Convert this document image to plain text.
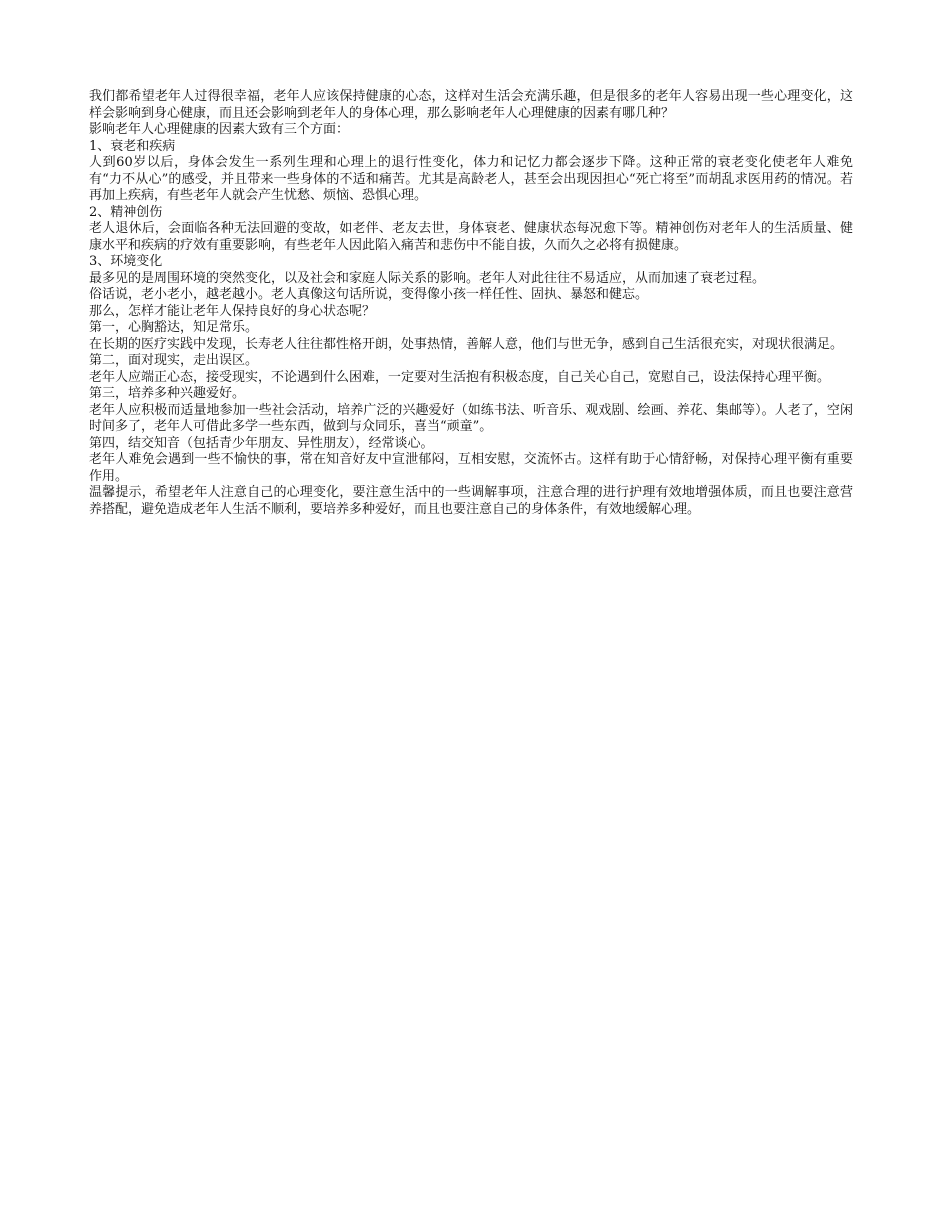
我们都希望老年人过得很幸福，老年人应该保持健康的心态，这样对生活会充满乐趣，但是很多的老年人容易出现一些心理变化，这样会影响到身心健康，而且还会影响到老年人的身体心理，那么影响老年人心理健康的因素有哪几种？

影响老年人心理健康的因素大致有三个方面：

1、衰老和疾病

人到60岁以后，身体会发生一系列生理和心理上的退行性变化，体力和记忆力都会逐步下降。这种正常的衰老变化使老年人难免有“力不从心”的感受，并且带来一些身体的不适和痛苦。尤其是高龄老人，甚至会出现因担心“死亡将至”而胡乱求医用药的情况。若再加上疾病，有些老年人就会产生忧愁、烦恼、恐惧心理。

2、精神创伤

老人退休后，会面临各种无法回避的变故，如老伴、老友去世，身体衰老、健康状态每况愈下等。精神创伤对老年人的生活质量、健康水平和疾病的疗效有重要影响，有些老年人因此陷入痛苦和悲伤中不能自拔，久而久之必将有损健康。

3、环境变化

最多见的是周围环境的突然变化，以及社会和家庭人际关系的影响。老年人对此往往不易适应，从而加速了衰老过程。

俗话说，老小老小，越老越小。老人真像这句话所说，变得像小孩一样任性、固执、暴怒和健忘。

那么，怎样才能让老年人保持良好的身心状态呢？

第一，心胸豁达，知足常乐。

在长期的医疗实践中发现，长寿老人往往都性格开朗，处事热情，善解人意，他们与世无争，感到自己生活很充实，对现状很满足。

第二，面对现实，走出误区。

老年人应端正心态，接受现实，不论遇到什么困难，一定要对生活抱有积极态度，自己关心自己，宽慰自己，设法保持心理平衡。

第三，培养多种兴趣爱好。

老年人应积极而适量地参加一些社会活动，培养广泛的兴趣爱好（如练书法、听音乐、观戏剧、绘画、养花、集邮等）。人老了，空闲时间多了，老年人可借此多学一些东西，做到与众同乐，喜当“顽童”。

第四，结交知音（包括青少年朋友、异性朋友），经常谈心。

老年人难免会遇到一些不愉快的事，常在知音好友中宣泄郁闷，互相安慰，交流怀古。这样有助于心情舒畅，对保持心理平衡有重要作用。

温馨提示，希望老年人注意自己的心理变化，要注意生活中的一些调解事项，注意合理的进行护理有效地增强体质，而且也要注意营养搭配，避免造成老年人生活不顺利，要培养多种爱好，而且也要注意自己的身体条件，有效地缓解心理。
